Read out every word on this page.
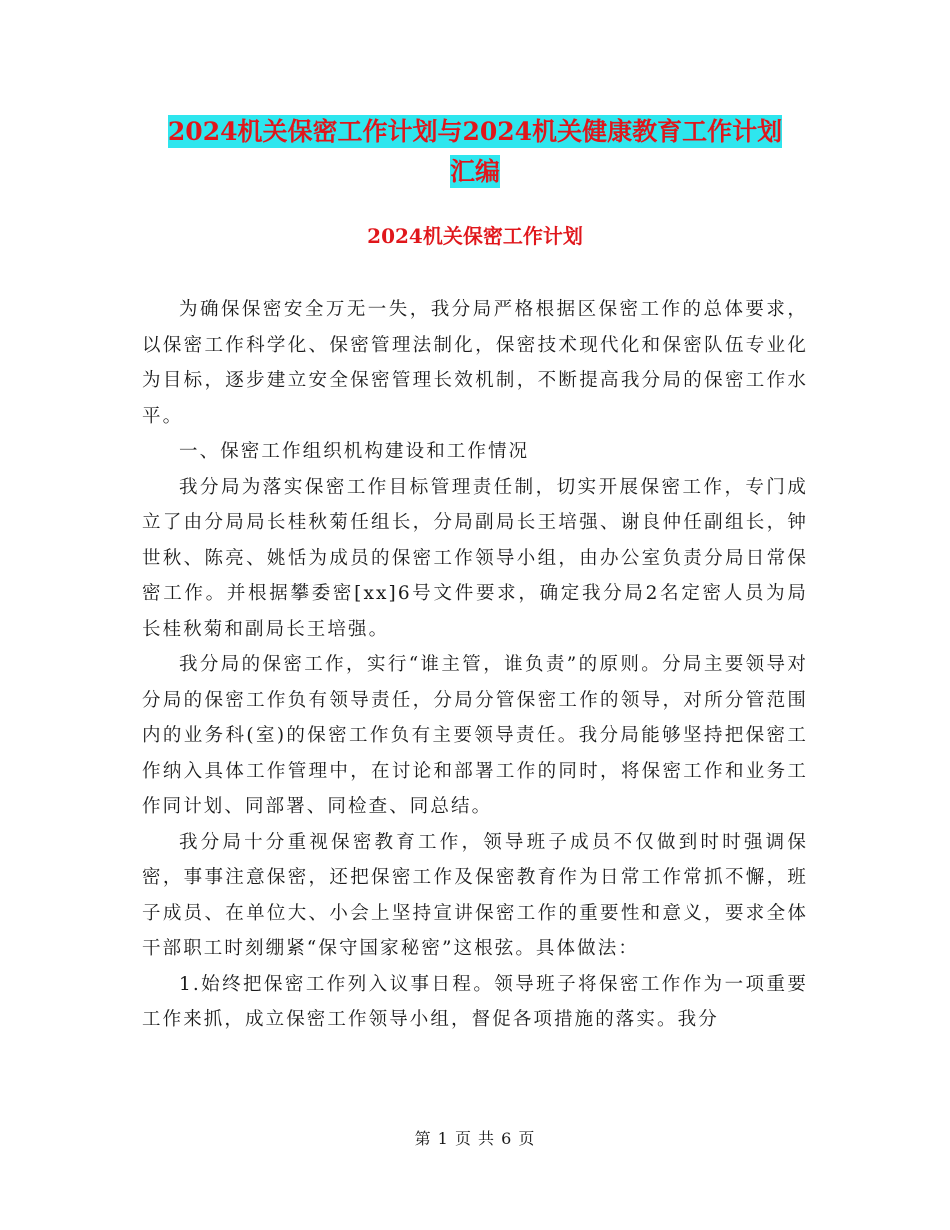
2024机关保密工作计划与2024机关健康教育工作计划
汇编
2024机关保密工作计划

为确保保密安全万无一失，我分局严格根据区保密工作的总体要求，以保密工作科学化、保密管理法制化，保密技术现代化和保密队伍专业化为目标，逐步建立安全保密管理长效机制，不断提高我分局的保密工作水平。

一、保密工作组织机构建设和工作情况

我分局为落实保密工作目标管理责任制，切实开展保密工作，专门成立了由分局局长桂秋菊任组长，分局副局长王培强、谢良仲任副组长，钟世秋、陈亮、姚恬为成员的保密工作领导小组，由办公室负责分局日常保密工作。并根据攀委密[xx]6号文件要求，确定我分局2名定密人员为局长桂秋菊和副局长王培强。

我分局的保密工作，实行“谁主管，谁负责”的原则。分局主要领导对分局的保密工作负有领导责任，分局分管保密工作的领导，对所分管范围内的业务科(室)的保密工作负有主要领导责任。我分局能够坚持把保密工作纳入具体工作管理中，在讨论和部署工作的同时，将保密工作和业务工作同计划、同部署、同检查、同总结。

我分局十分重视保密教育工作，领导班子成员不仅做到时时强调保密，事事注意保密，还把保密工作及保密教育作为日常工作常抓不懈，班子成员、在单位大、小会上坚持宣讲保密工作的重要性和意义，要求全体干部职工时刻绷紧“保守国家秘密”这根弦。具体做法：

1.始终把保密工作列入议事日程。领导班子将保密工作作为一项重要工作来抓，成立保密工作领导小组，督促各项措施的落实。我分

第 1 页 共 6 页
